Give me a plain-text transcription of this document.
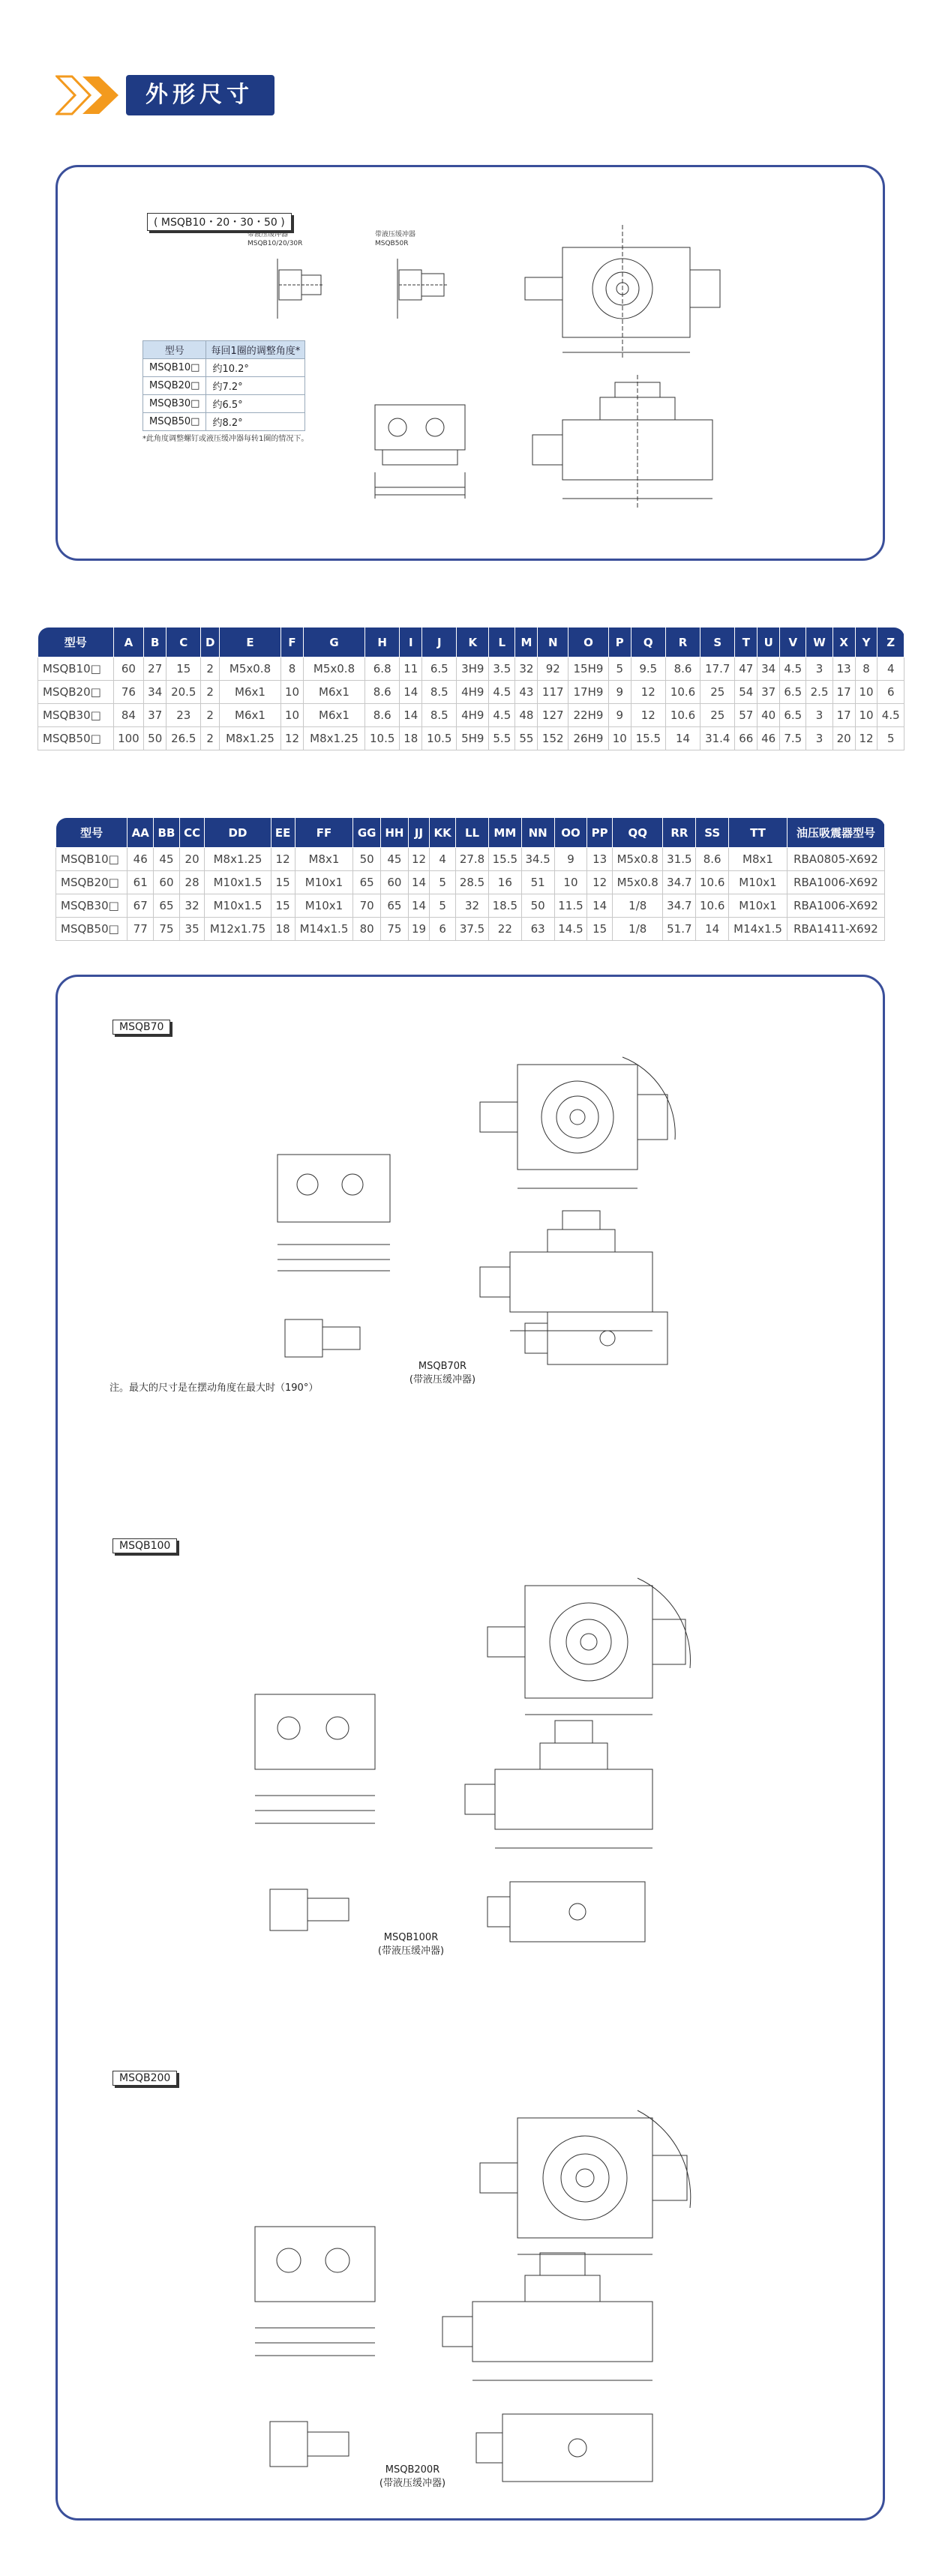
外形尺寸
( MSQB10・20・30・50 )
带液压缓冲器
MSQB10/20/30R
带液压缓冲器
MSQB50R
型号	每回1圈的调整角度*
MSQB10□	约10.2°
MSQB20□	约7.2°
MSQB30□	约6.5°
MSQB50□	约8.2°
*此角度调整螺钉或液压缓冲器每转1圈的情况下。
型号	A	B	C	D	E	F	G	H	I	J	K	L	M	N	O	P	Q	R	S	T	U	V	W	X	Y	Z
MSQB10□	60	27	15	2	M5x0.8	8	M5x0.8	6.8	11	6.5	3H9	3.5	32	92	15H9	5	9.5	8.6	17.7	47	34	4.5	3	13	8	4
MSQB20□	76	34	20.5	2	M6x1	10	M6x1	8.6	14	8.5	4H9	4.5	43	117	17H9	9	12	10.6	25	54	37	6.5	2.5	17	10	6
MSQB30□	84	37	23	2	M6x1	10	M6x1	8.6	14	8.5	4H9	4.5	48	127	22H9	9	12	10.6	25	57	40	6.5	3	17	10	4.5
MSQB50□	100	50	26.5	2	M8x1.25	12	M8x1.25	10.5	18	10.5	5H9	5.5	55	152	26H9	10	15.5	14	31.4	66	46	7.5	3	20	12	5
型号	AA	BB	CC	DD	EE	FF	GG	HH	JJ	KK	LL	MM	NN	OO	PP	QQ	RR	SS	TT	油压吸震器型号
MSQB10□	46	45	20	M8x1.25	12	M8x1	50	45	12	4	27.8	15.5	34.5	9	13	M5x0.8	31.5	8.6	M8x1	RBA0805-X692
MSQB20□	61	60	28	M10x1.5	15	M10x1	65	60	14	5	28.5	16	51	10	12	M5x0.8	34.7	10.6	M10x1	RBA1006-X692
MSQB30□	67	65	32	M10x1.5	15	M10x1	70	65	14	5	32	18.5	50	11.5	14	1/8	34.7	10.6	M10x1	RBA1006-X692
MSQB50□	77	75	35	M12x1.75	18	M14x1.5	80	75	19	6	37.5	22	63	14.5	15	1/8	51.7	14	M14x1.5	RBA1411-X692
MSQB70
MSQB70R
(带液压缓冲器)
注。最大的尺寸是在摆动角度在最大时（190°）
MSQB100
MSQB100R
(带液压缓冲器)
MSQB200
MSQB200R
(带液压缓冲器)
